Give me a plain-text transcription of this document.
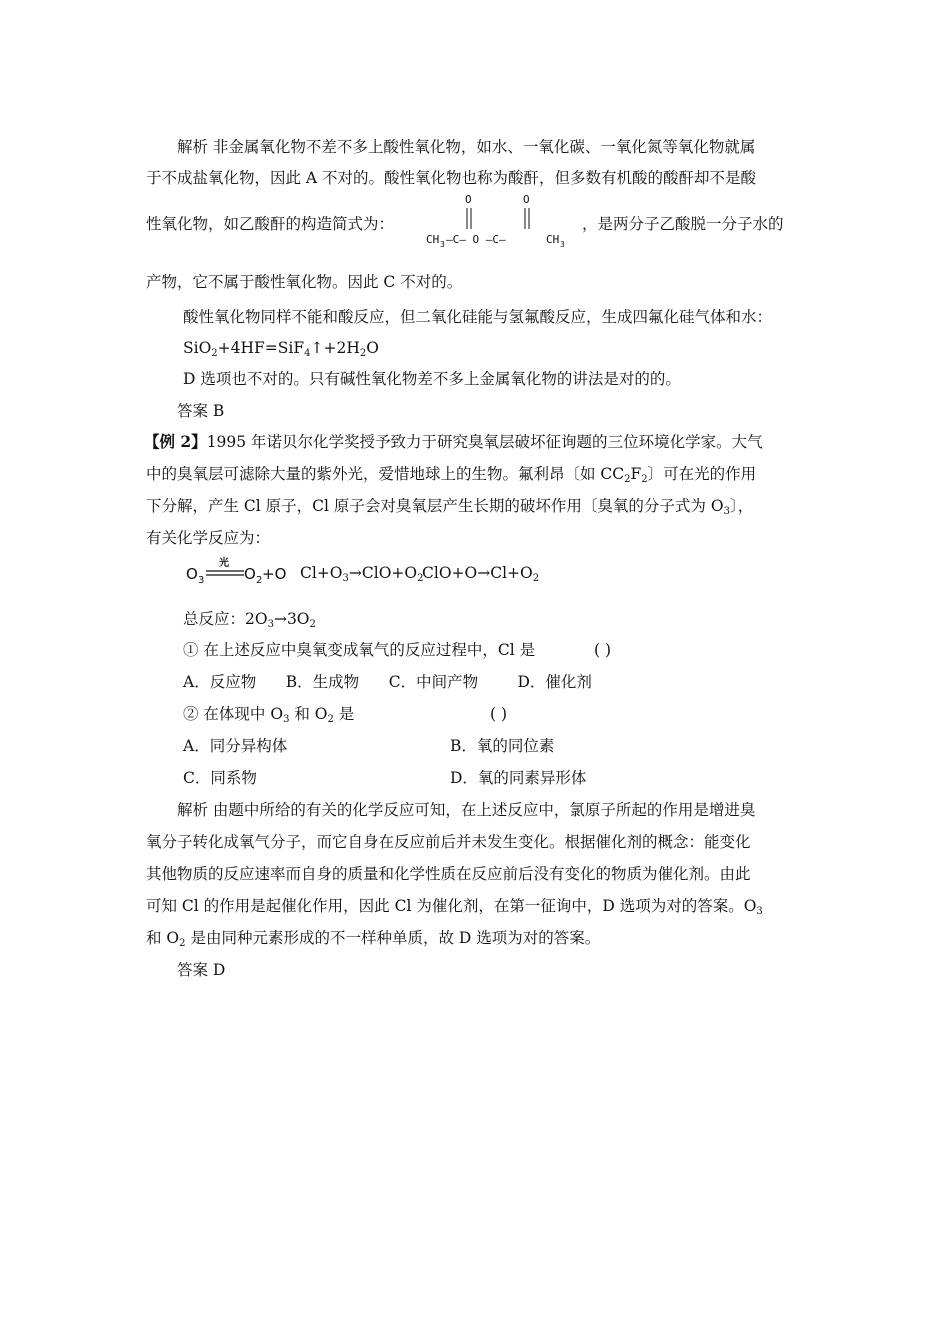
解析 非金属氧化物不差不多上酸性氧化物，如水、一氧化碳、一氧化氮等氧化物就属
于不成盐氧化物，因此 A 不对的。酸性氧化物也称为酸酐，但多数有机酸的酸酐却不是酸
性氧化物，如乙酸酐的构造简式为：
O	O
CH 3 —C— O —C—	CH 3
，是两分子乙酸脱一分子水的
产物，它不属于酸性氧化物。因此 C 不对的。
酸性氧化物同样不能和酸反应，但二氧化硅能与氢氟酸反应，生成四氟化硅气体和水：
$SiO_2+4HF=SiF_4↑+2H_2O$
D 选项也不对的。只有碱性氧化物差不多上金属氧化物的讲法是对的的。
答案 B
【例 2】1995 年诺贝尔化学奖授予致力于研究臭氧层破坏征询题的三位环境化学家。大气
中的臭氧层可滤除大量的紫外光，爱惜地球上的生物。氟利昂〔如 $CC_2F_2$〕可在光的作用
下分解，产生 Cl 原子，Cl 原子会对臭氧层产生长期的破坏作用〔臭氧的分子式为 $O_3$〕，
有关化学反应为：
O 3
光
O 2 +O $Cl+O_3\to ClO+O_2$
$ClO+O\to Cl+O_2$
总反应：$2O_3\to 3O_2$
① 在上述反应中臭氧变成氧气的反应过程中，Cl 是	( )
A．反应物      B．生成物      C．中间产物        D．催化剂
② 在体现中 $O_3$ 和 $O_2$ 是	( )
A．同分异构体	B．氧的同位素
C．同系物	D．氧的同素异形体
解析 由题中所给的有关的化学反应可知，在上述反应中，氯原子所起的作用是增进臭
氧分子转化成氧气分子，而它自身在反应前后并未发生变化。根据催化剂的概念：能变化
其他物质的反应速率而自身的质量和化学性质在反应前后没有变化的物质为催化剂。由此
可知 Cl 的作用是起催化作用，因此 Cl 为催化剂，在第一征询中，D 选项为对的答案。$O_3$
和 $O_2$ 是由同种元素形成的不一样种单质，故 D 选项为对的答案。
答案 D
